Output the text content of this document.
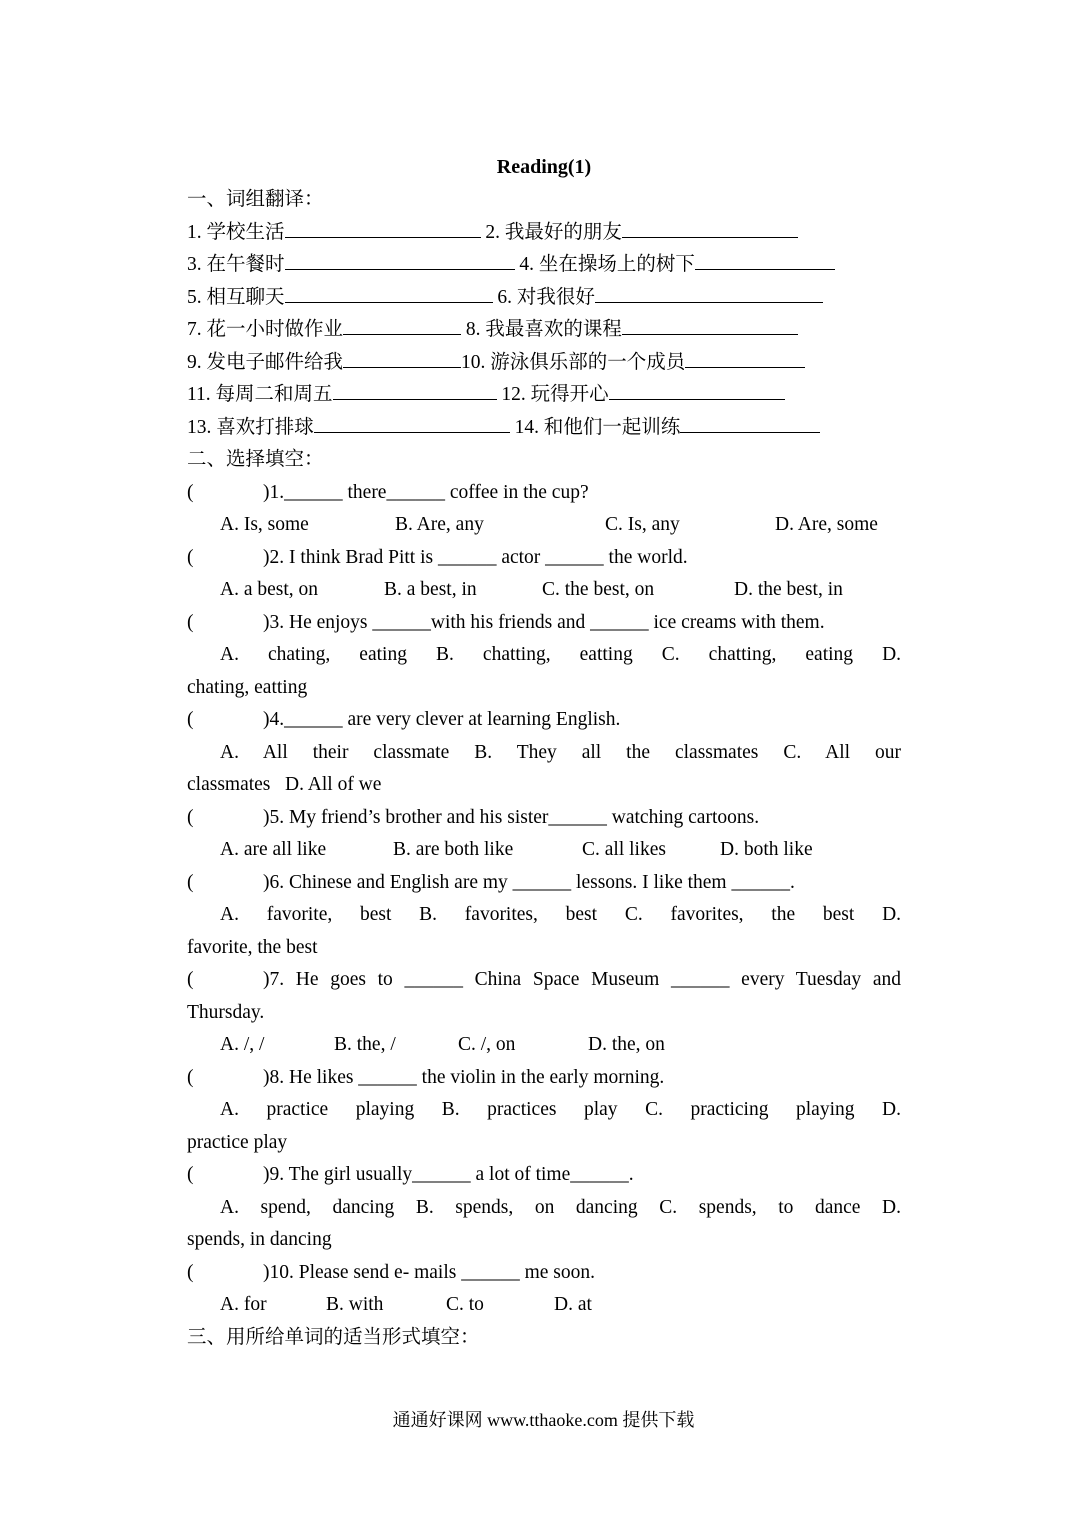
Reading(1)
一、词组翻译：
1. 学校生活	2. 我最好的朋友
3. 在午餐时	4. 坐在操场上的树下
5. 相互聊天	6. 对我很好
7. 花一小时做作业	8. 我最喜欢的课程
9. 发电子邮件给我	10. 游泳俱乐部的一个成员
11. 每周二和周五	12. 玩得开心
13. 喜欢打排球	14. 和他们一起训练
二、选择填空：
(	)1.______ there______ coffee in the cup?
A. Is, some	B. Are, any	C. Is, any	D. Are, some
(	)2. I think Brad Pitt is ______ actor ______ the world.
A. a best, on	B. a best, in	C. the best, on	D. the best, in
(	)3. He enjoys ______with his friends and ______ ice creams with them.
A. chating, eating B. chatting, eatting C. chatting, eating D.
chating, eatting
(	)4.______ are very clever at learning English.
A. All their classmate B. They all the classmates C. All our
classmates   D. All of we
(	)5. My friend’s brother and his sister______ watching cartoons.
A. are all like	B. are both like	C. all likes	D. both like
(	)6. Chinese and English are my ______ lessons. I like them ______.
A. favorite, best B. favorites, best C. favorites, the best D.
favorite, the best
(	)7. He goes to ______ China Space Museum ______ every Tuesday and
Thursday.
A. /, /	B. the, /	C. /, on	D. the, on
(	)8. He likes ______ the violin in the early morning.
A. practice playing B. practices play C. practicing playing D.
practice play
(	)9. The girl usually______ a lot of time______.
A. spend, dancing B. spends, on dancing C. spends, to dance D.
spends, in dancing
(	)10. Please send e- mails ______ me soon.
A. for	B. with	C. to	D. at
三、用所给单词的适当形式填空：
通通好课网 www.tthaoke.com 提供下载
